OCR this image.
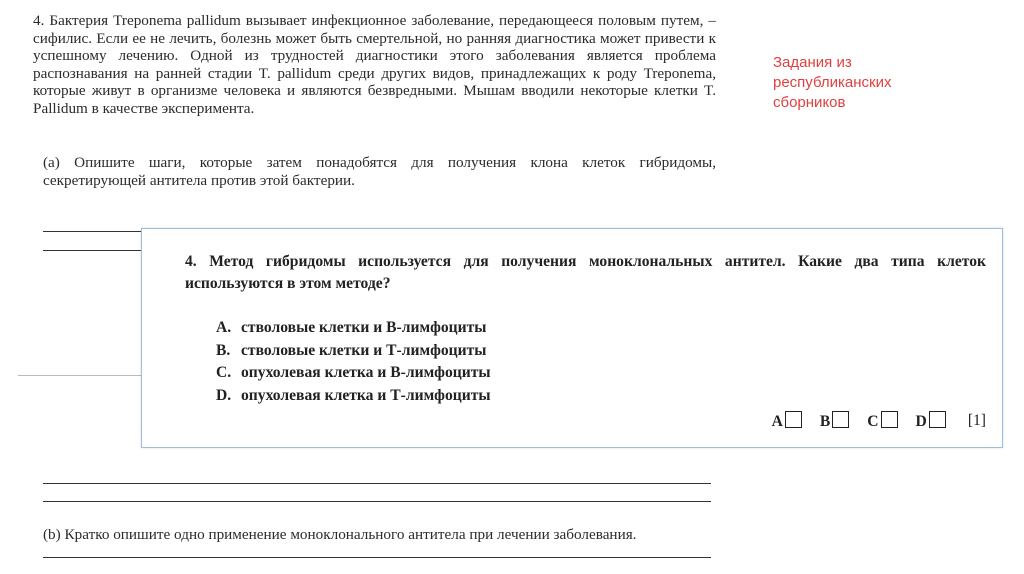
4. Бактерия Treponema pallidum вызывает инфекционное заболевание, передающееся половым путем, – сифилис. Если ее не лечить, болезнь может быть смертельной, но ранняя диагностика может привести к успешному лечению. Одной из трудностей диагностики этого заболевания является проблема распознавания на ранней стадии T. pallidum среди других видов, принадлежащих к роду Treponema, которые живут в организме человека и являются безвредными. Мышам вводили некоторые клетки T. Pallidum в качестве эксперимента.
(a) Опишите шаги, которые затем понадобятся для получения клона клеток гибридомы, секретирующей антитела против этой бактерии.
(b) Кратко опишите одно применение моноклонального антитела при лечении заболевания.
Задания из
республиканских
сборников
4. Метод гибридомы используется для получения моноклональных антител. Какие два типа клеток используются в этом методе?
A. стволовые клетки и В-лимфоциты
B. стволовые клетки и Т-лимфоциты
C. опухолевая клетка и В-лимфоциты
D. опухолевая клетка и Т-лимфоциты
A B C D	[1]
